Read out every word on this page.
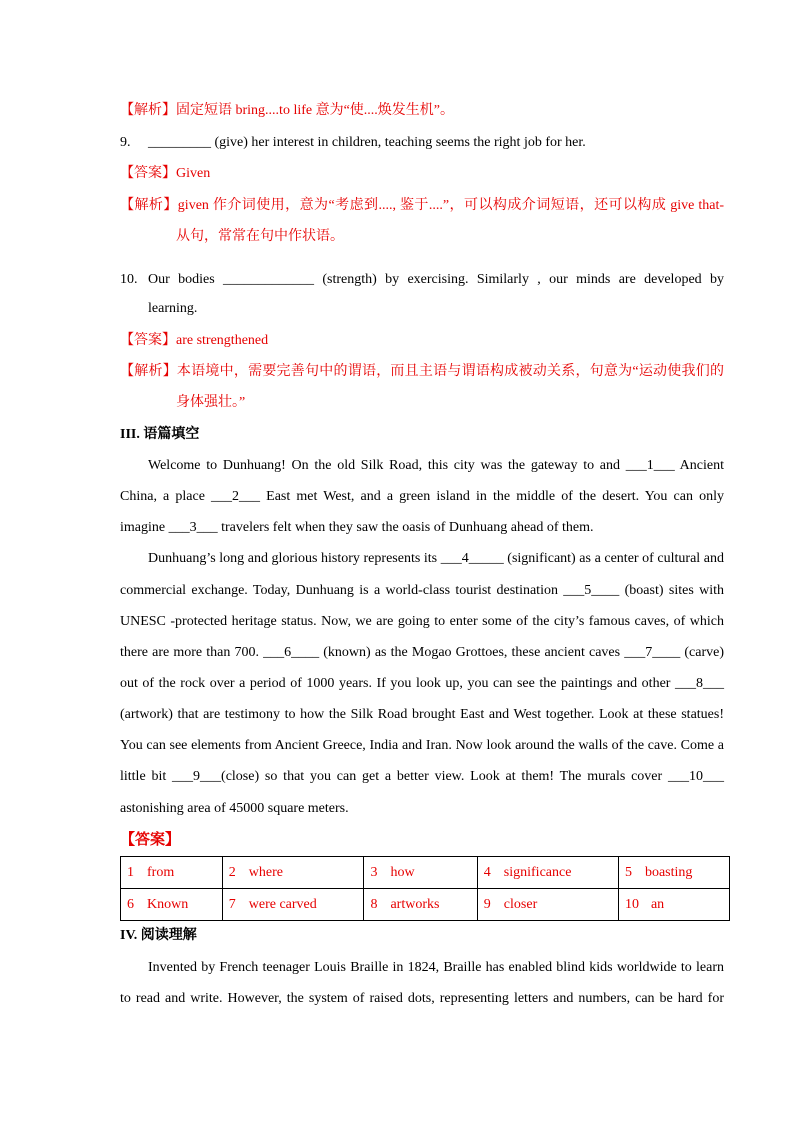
【解析】固定短语 bring....to life 意为“使....焕发生机”。
9. _________ (give) her interest in children, teaching seems the right job for her.
【答案】Given
【解析】given 作介词使用，意为“考虑到...., 鉴于....”，可以构成介词短语，还可以构成 give that-
从句，常常在句中作状语。
10. Our bodies _____________ (strength) by exercising. Similarly , our minds are developed by
learning.
【答案】are strengthened
【解析】本语境中，需要完善句中的谓语，而且主语与谓语构成被动关系，句意为“运动使我们的
身体强壮。”
III. 语篇填空
Welcome to Dunhuang! On the old Silk Road, this city was the gateway to and ___1___ Ancient
China, a place ___2___ East met West, and a green island in the middle of the desert. You can only
imagine ___3___ travelers felt when they saw the oasis of Dunhuang ahead of them.
Dunhuang’s long and glorious history represents its ___4_____ (significant) as a center of cultural and
commercial exchange. Today, Dunhuang is a world-class tourist destination ___5____ (boast) sites with
UNESC -protected heritage status. Now, we are going to enter some of the city’s famous caves, of which
there are more than 700. ___6____ (known) as the Mogao Grottoes, these ancient caves ___7____ (carve)
out of the rock over a period of 1000 years. If you look up, you can see the paintings and other ___8___
(artwork) that are testimony to how the Silk Road brought East and West together. Look at these statues!
You can see elements from Ancient Greece, India and Iran. Now look around the walls of the cave. Come a
little bit ___9___(close) so that you can get a better view. Look at them! The murals cover ___10___
astonishing area of 45000 square meters.
【答案】
1 from	2 where	3 how	4 significance	5 boasting
6 Known	7 were carved	8 artworks	9 closer	10 an
IV. 阅读理解
Invented by French teenager Louis Braille in 1824, Braille has enabled blind kids worldwide to learn
to read and write. However, the system of raised dots, representing letters and numbers, can be hard for
